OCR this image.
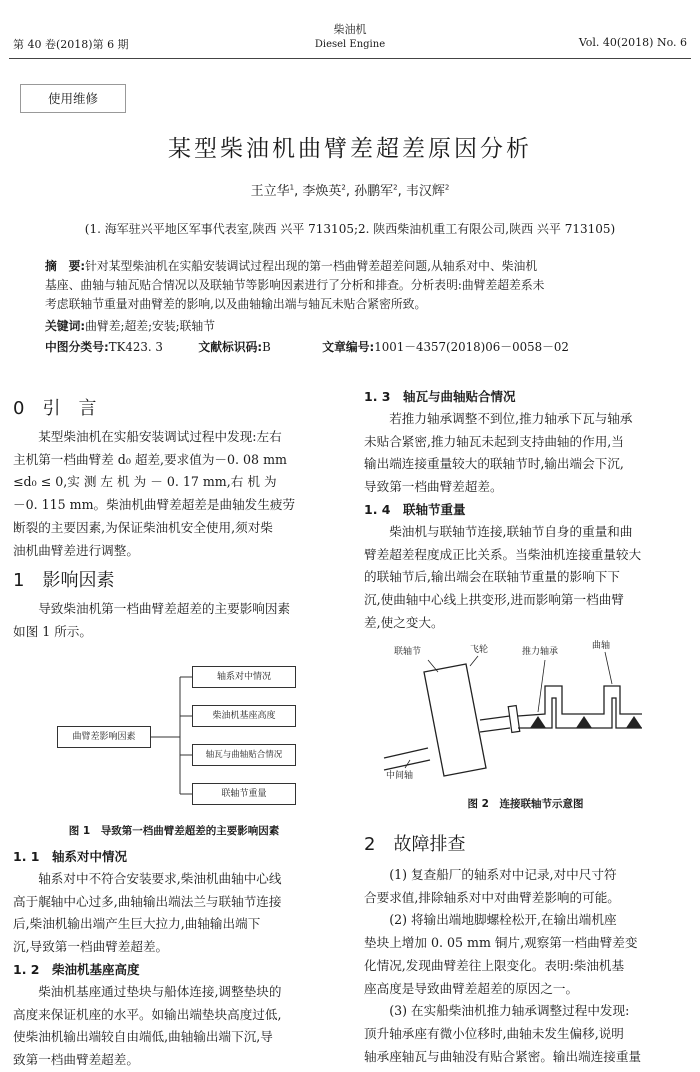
第 40 卷(2018)第 6 期
柴油机
Diesel Engine	Vol. 40(2018) No. 6
使用维修
某型柴油机曲臂差超差原因分析
王立华$^1$, 李焕英$^2$, 孙鹏军$^2$, 韦汉辉$^2$
(1. 海军驻兴平地区军事代表室,陕西 兴平 713105;2. 陕西柴油机重工有限公司,陕西 兴平 713105)
摘　要:针对某型柴油机在实船安装调试过程出现的第一档曲臂差超差问题,从轴系对中、柴油机
基座、曲轴与轴瓦贴合情况以及联轴节等影响因素进行了分析和排查。分析表明:曲臂差超差系未
考虑联轴节重量对曲臂差的影响,以及曲轴输出端与轴瓦未贴合紧密所致。
关键词:曲臂差;超差;安装;联轴节
中图分类号:TK423. 3	文献标识码:B	文章编号:1001－4357(2018)06－0058－02
0　引　言
某型柴油机在实船安装调试过程中发现:左右
主机第一档曲臂差 d₀ 超差,要求值为－0. 08 mm
≤d₀ ≤ 0,实 测 左 机 为 － 0. 17 mm,右 机 为
－0. 115 mm。柴油机曲臂差超差是曲轴发生疲劳
断裂的主要因素,为保证柴油机安全使用,须对柴
油机曲臂差进行调整。
1　影响因素
导致柴油机第一档曲臂差超差的主要影响因素
如图 1 所示。
曲臂差影响因素
轴系对中情况
柴油机基座高度
轴瓦与曲轴贴合情况
联轴节重量
图 1　导致第一档曲臂差超差的主要影响因素
1. 1　轴系对中情况
轴系对中不符合安装要求,柴油机曲轴中心线
高于艉轴中心过多,曲轴输出端法兰与联轴节连接
后,柴油机输出端产生巨大拉力,曲轴输出端下
沉,导致第一档曲臂差超差。
1. 2　柴油机基座高度
柴油机基座通过垫块与船体连接,调整垫块的
高度来保证机座的水平。如输出端垫块高度过低,
使柴油机输出端较自由端低,曲轴输出端下沉,导
致第一档曲臂差超差。
1. 3　轴瓦与曲轴贴合情况
若推力轴承调整不到位,推力轴承下瓦与轴承
未贴合紧密,推力轴瓦未起到支持曲轴的作用,当
输出端连接重量较大的联轴节时,输出端会下沉,
导致第一档曲臂差超差。
1. 4　联轴节重量
柴油机与联轴节连接,联轴节自身的重量和曲
臂差超差程度成正比关系。当柴油机连接重量较大
的联轴节后,输出端会在联轴节重量的影响下下
沉,使曲轴中心线上拱变形,进而影响第一档曲臂
差,使之变大。
联轴节	飞轮	推力轴承
曲轴
中间轴
图 2　连接联轴节示意图
2　故障排查
(1) 复查船厂的轴系对中记录,对中尺寸符
合要求值,排除轴系对中对曲臂差影响的可能。
(2) 将输出端地脚螺栓松开,在输出端机座
垫块上增加 0. 05 mm 铜片,观察第一档曲臂差变
化情况,发现曲臂差往上限变化。表明:柴油机基
座高度是导致曲臂差超差的原因之一。
(3) 在实船柴油机推力轴承调整过程中发现:
顶升轴承座有微小位移时,曲轴未发生偏移,说明
轴承座轴瓦与曲轴没有贴合紧密。输出端连接重量
